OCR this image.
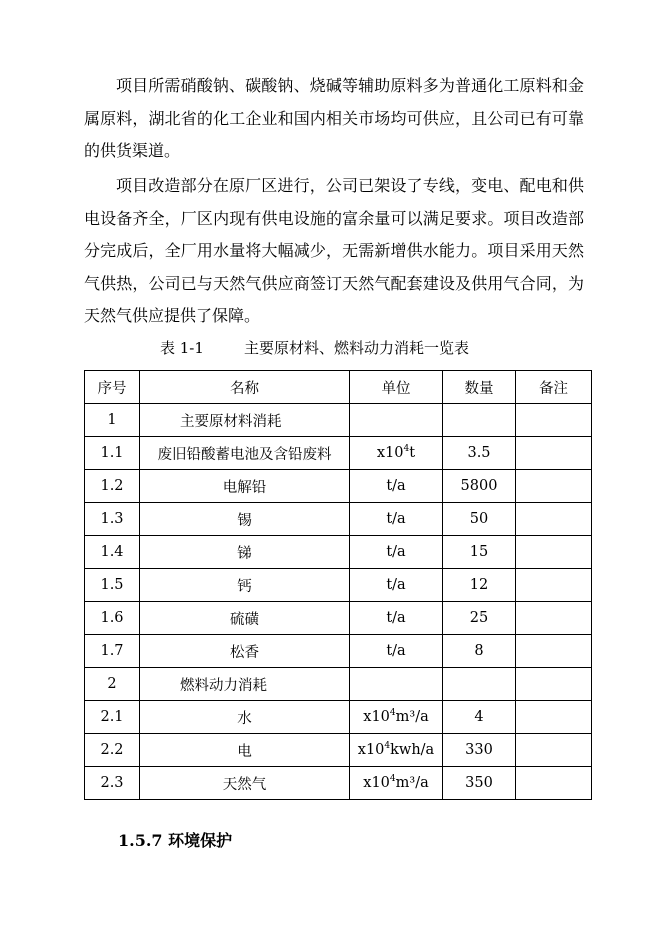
项目所需硝酸钠、碳酸钠、烧碱等辅助原料多为普通化工原料和金属原料，湖北省的化工企业和国内相关市场均可供应，且公司已有可靠的供货渠道。

项目改造部分在原厂区进行，公司已架设了专线，变电、配电和供电设备齐全，厂区内现有供电设施的富余量可以满足要求。项目改造部分完成后，全厂用水量将大幅减少，无需新增供水能力。项目采用天然气供热，公司已与天然气供应商签订天然气配套建设及供用气合同，为天然气供应提供了保障。

表 1-1	主要原材料、燃料动力消耗一览表
序号	名称	单位	数量	备注
1	主要原材料消耗			
1.1	废旧铅酸蓄电池及含铅废料	$x10^4t$	3.5	
1.2	电解铅	t/a	5800	
1.3	锡	t/a	50	
1.4	锑	t/a	15	
1.5	钙	t/a	12	
1.6	硫磺	t/a	25	
1.7	松香	t/a	8	
2	燃料动力消耗			
2.1	水	$x10^4m^3/a$	4	
2.2	电	$x10^4kwh/a$	330	
2.3	天然气	$x10^4m^3/a$	350	
1.5.7 环境保护
